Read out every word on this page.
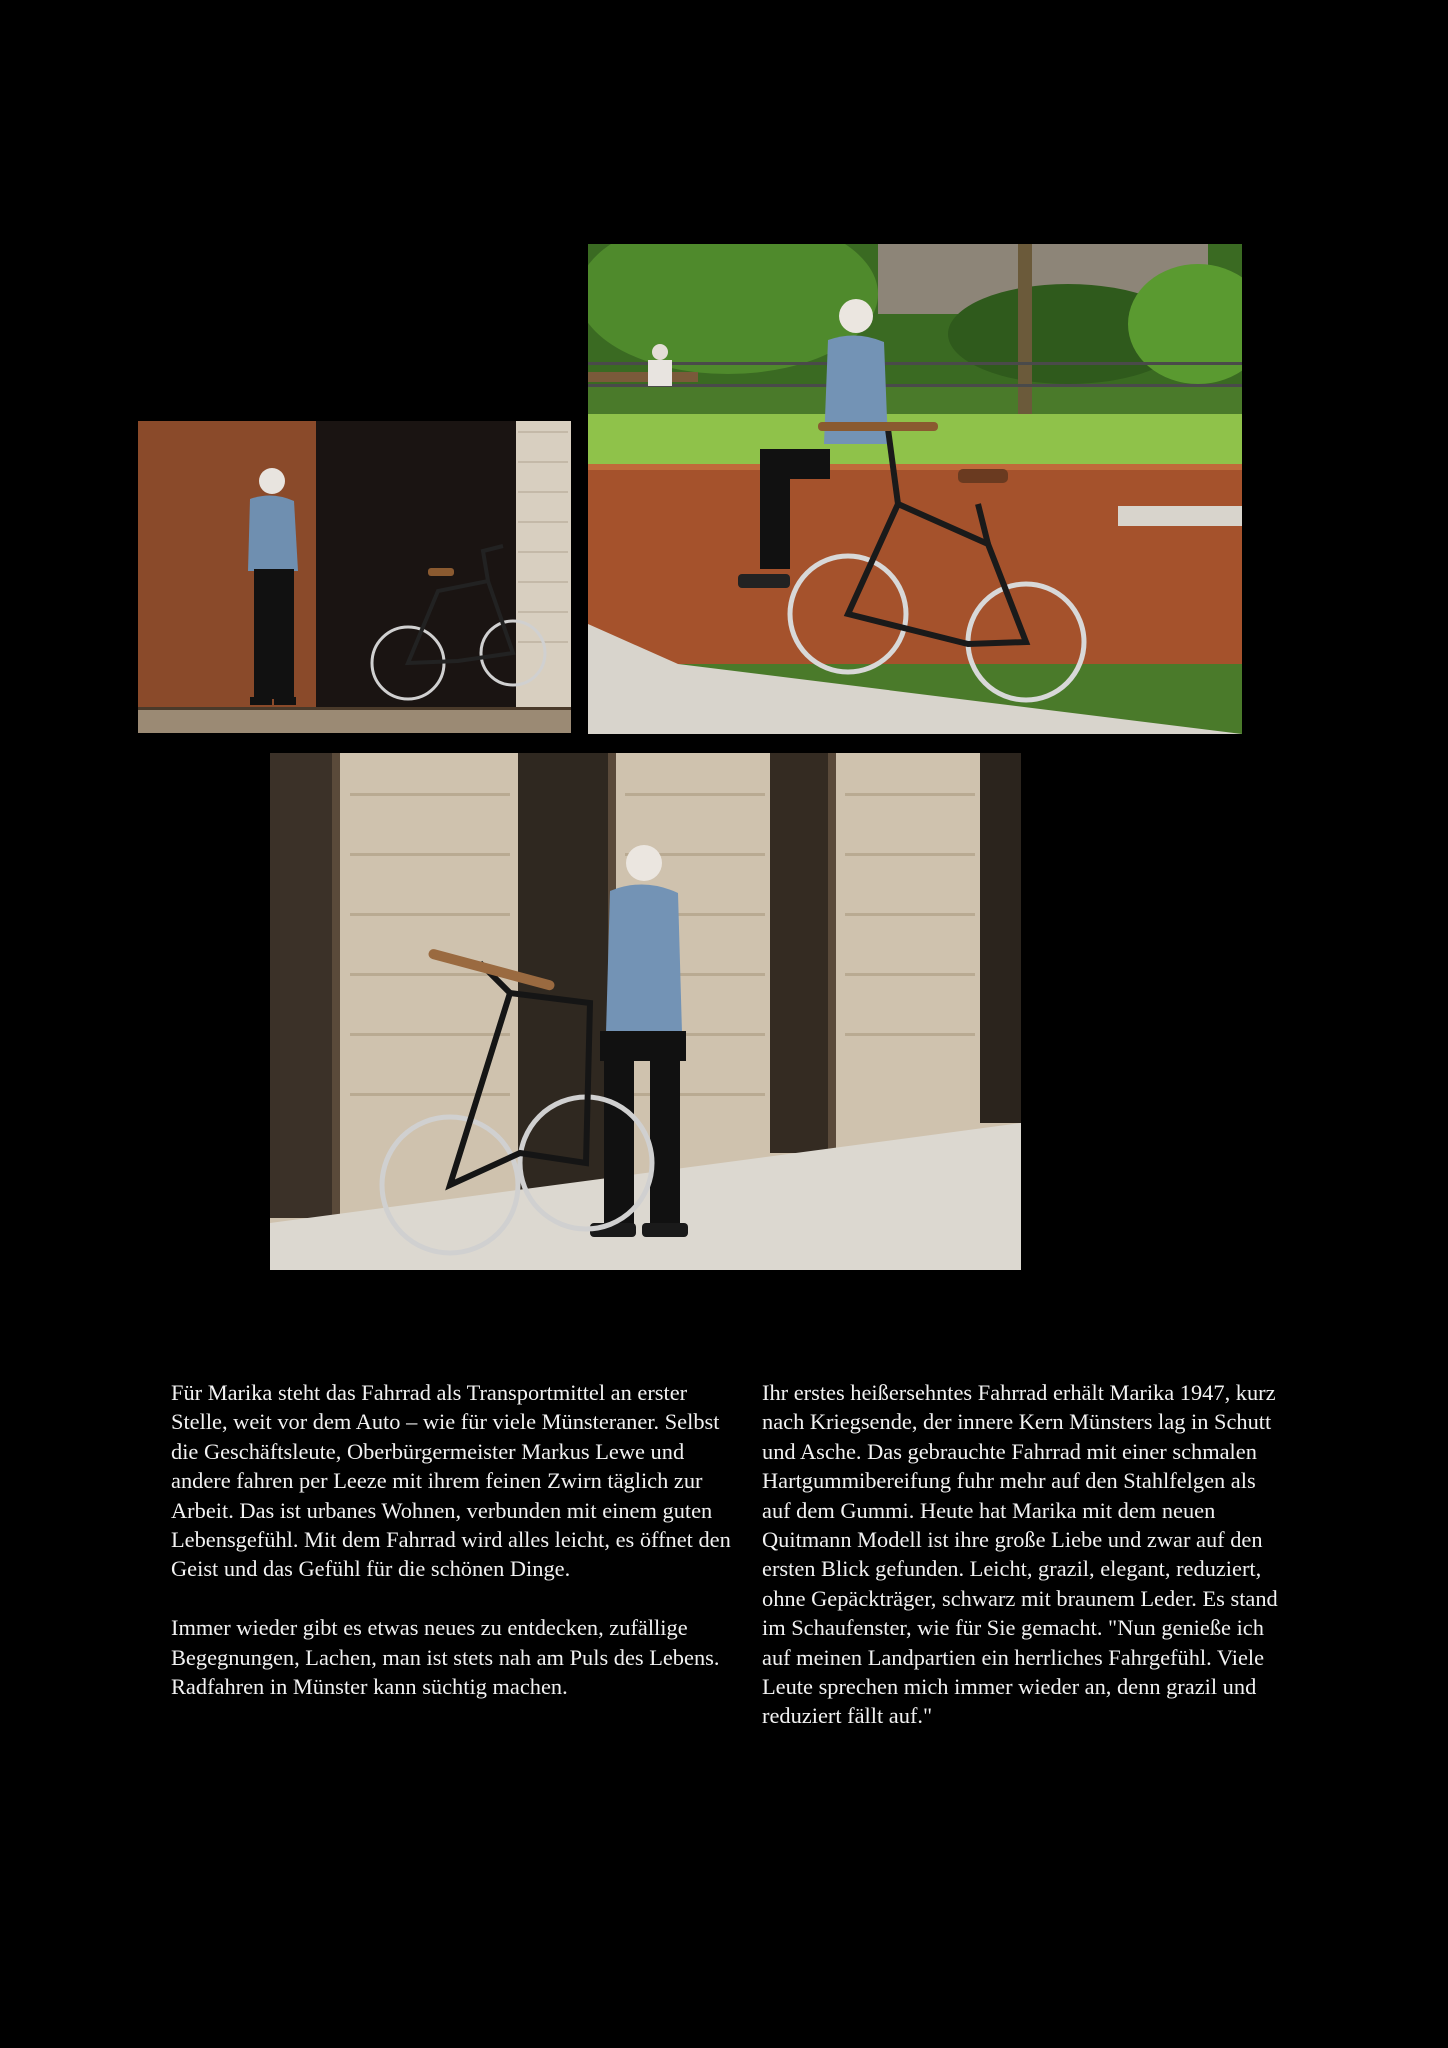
Für Marika steht das Fahrrad als Transportmittel an erster Stelle, weit vor dem Auto – wie für viele Münsteraner. Selbst die Geschäftsleute, Oberbürgermeister Markus Lewe und andere fahren per Leeze mit ihrem feinen Zwirn täglich zur Arbeit. Das ist urbanes Wohnen, verbunden mit einem guten Lebensgefühl. Mit dem Fahrrad wird alles leicht, es öffnet den Geist und das Gefühl für die schönen Dinge.

Immer wieder gibt es etwas neues zu entdecken, zufällige Begegnungen, Lachen, man ist stets nah am Puls des Lebens. Radfahren in Münster kann süchtig machen.

Ihr erstes heißersehntes Fahrrad erhält Marika 1947, kurz nach Kriegsende, der innere Kern Münsters lag in Schutt und Asche. Das gebrauchte Fahrrad mit einer schmalen Hartgummibereifung fuhr mehr auf den Stahlfelgen als auf dem Gummi. Heute hat Marika mit dem neuen Quitmann Modell ist ihre große Liebe und zwar auf den ersten Blick gefunden. Leicht, grazil, elegant, reduziert, ohne Gepäckträger, schwarz mit braunem Leder. Es stand im Schaufenster, wie für Sie gemacht. "Nun genieße ich auf meinen Landpartien ein herrliches Fahrgefühl. Viele Leute sprechen mich immer wieder an, denn grazil und reduziert fällt auf."
